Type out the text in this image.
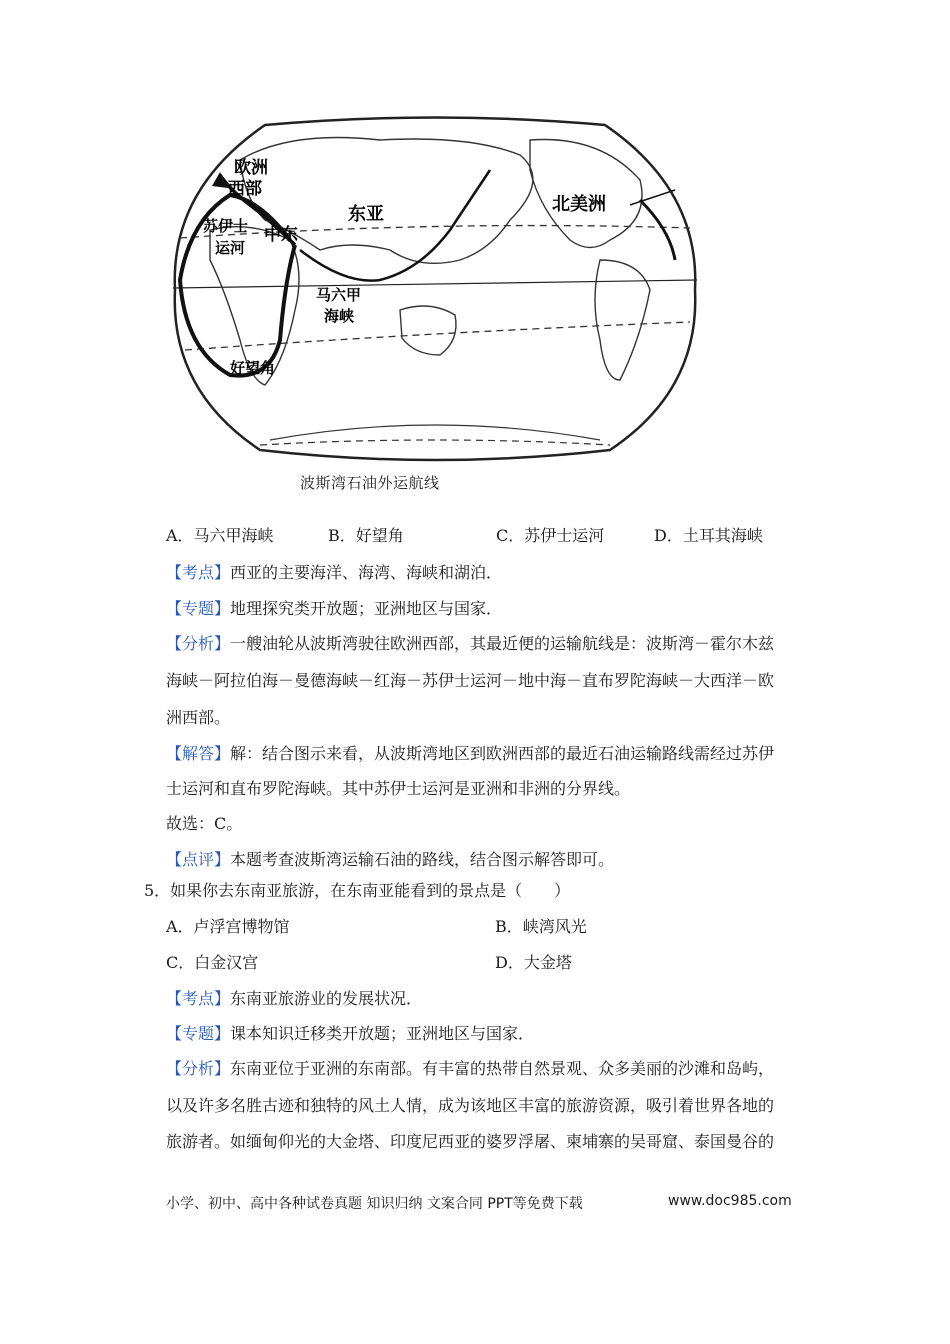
欧洲
西部
苏伊士
运河
中东
东亚	北美洲
马六甲
海峡
好望角
波斯湾石油外运航线
A．马六甲海峡	B．好望角	C．苏伊士运河	D．土耳其海峡
【考点】西亚的主要海洋、海湾、海峡和湖泊．
【专题】地理探究类开放题；亚洲地区与国家．
【分析】一艘油轮从波斯湾驶往欧洲西部，其最近便的运输航线是：波斯湾－霍尔木兹
海峡－阿拉伯海－曼德海峡－红海－苏伊士运河－地中海－直布罗陀海峡－大西洋－欧
洲西部。
【解答】解：结合图示来看，从波斯湾地区到欧洲西部的最近石油运输路线需经过苏伊
士运河和直布罗陀海峡。其中苏伊士运河是亚洲和非洲的分界线。
故选：C。
【点评】本题考查波斯湾运输石油的路线，结合图示解答即可。
5．如果你去东南亚旅游，在东南亚能看到的景点是（　　）
A．卢浮宫博物馆	B．峡湾风光
C．白金汉宫	D．大金塔
【考点】东南亚旅游业的发展状况．
【专题】课本知识迁移类开放题；亚洲地区与国家．
【分析】东南亚位于亚洲的东南部。有丰富的热带自然景观、众多美丽的沙滩和岛屿，
以及许多名胜古迹和独特的风土人情，成为该地区丰富的旅游资源，吸引着世界各地的
旅游者。如缅甸仰光的大金塔、印度尼西亚的婆罗浮屠、柬埔寨的吴哥窟、泰国曼谷的
小学、初中、高中各种试卷真题 知识归纳 文案合同 PPT等免费下载	www.doc985.com
